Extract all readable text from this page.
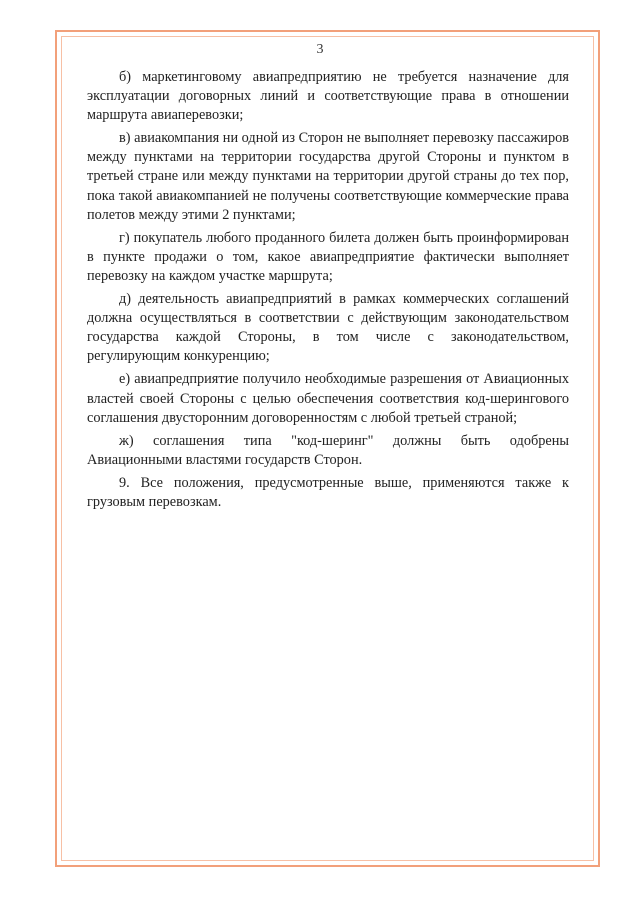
3

б) маркетинговому авиапредприятию не требуется назначение для эксплуатации договорных линий и соответствующие права в отношении маршрута авиаперевозки;

в) авиакомпания ни одной из Сторон не выполняет перевозку пассажиров между пунктами на территории государства другой Стороны и пунктом в третьей стране или между пунктами на территории другой страны до тех пор, пока такой авиакомпанией не получены соответствующие коммерческие права полетов между этими 2 пунктами;

г) покупатель любого проданного билета должен быть проинформирован в пункте продажи о том, какое авиапредприятие фактически выполняет перевозку на каждом участке маршрута;

д) деятельность авиапредприятий в рамках коммерческих соглашений должна осуществляться в соответствии с действующим законодательством государства каждой Стороны, в том числе с законодательством, регулирующим конкуренцию;

е) авиапредприятие получило необходимые разрешения от Авиационных властей своей Стороны с целью обеспечения соответствия код-шерингового соглашения двусторонним договоренностям с любой третьей страной;

ж) соглашения типа "код-шеринг" должны быть одобрены Авиационными властями государств Сторон.

9. Все положения, предусмотренные выше, применяются также к грузовым перевозкам.
